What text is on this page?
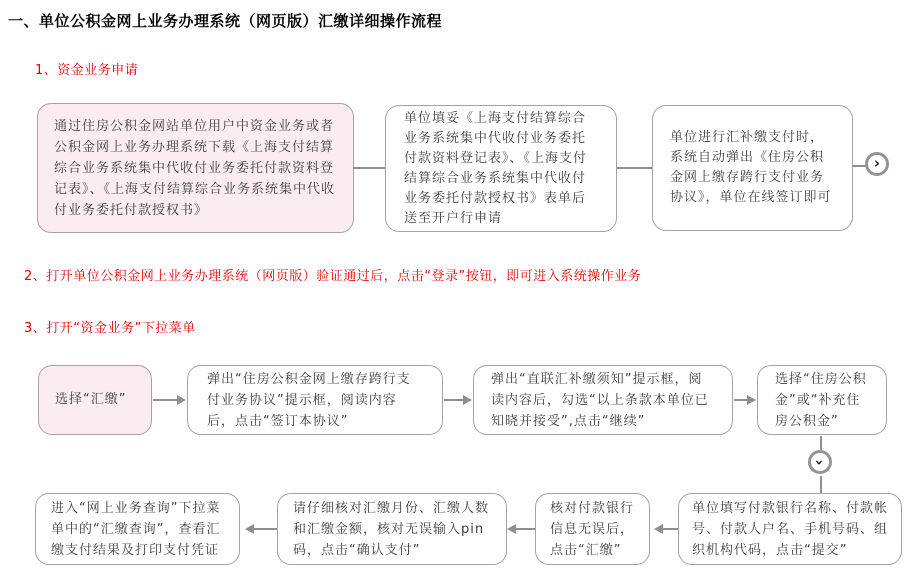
一、单位公积金网上业务办理系统（网页版）汇缴详细操作流程
1、资金业务申请
2、打开单位公积金网上业务办理系统（网页版）验证通过后，点击“登录”按钮，即可进入系统操作业务
3、打开“资金业务”下拉菜单
通过住房公积金网站单位用户中资金业务或者公积金网上业务办理系统下载《上海支付结算综合业务系统集中代收付业务委托付款资料登记表》、《上海支付结算综合业务系统集中代收付业务委托付款授权书》
单位填妥《上海支付结算综合业务系统集中代收付业务委托付款资料登记表》、《上海支付结算综合业务系统集中代收付业务委托付款授权书》表单后送至开户行申请
单位进行汇补缴支付时，系统自动弹出《住房公积金网上缴存跨行支付业务协议》，单位在线签订即可
›
选择“汇缴”
弹出“住房公积金网上缴存跨行支付业务协议”提示框，阅读内容后，点击“签订本协议”
弹出“直联汇补缴须知”提示框，阅读内容后，勾选“以上条款本单位已知晓并接受”,点击“继续”
选择“住房公积金”或“补充住房公积金”
›
单位填写付款银行名称、付款帐号、付款人户名、手机号码、组织机构代码，点击“提交”
核对付款银行信息无误后，点击“汇缴”
请仔细核对汇缴月份、汇缴人数和汇缴金额，核对无误输入pin码，点击“确认支付”
进入“网上业务查询”下拉菜单中的“汇缴查询”，查看汇缴支付结果及打印支付凭证
